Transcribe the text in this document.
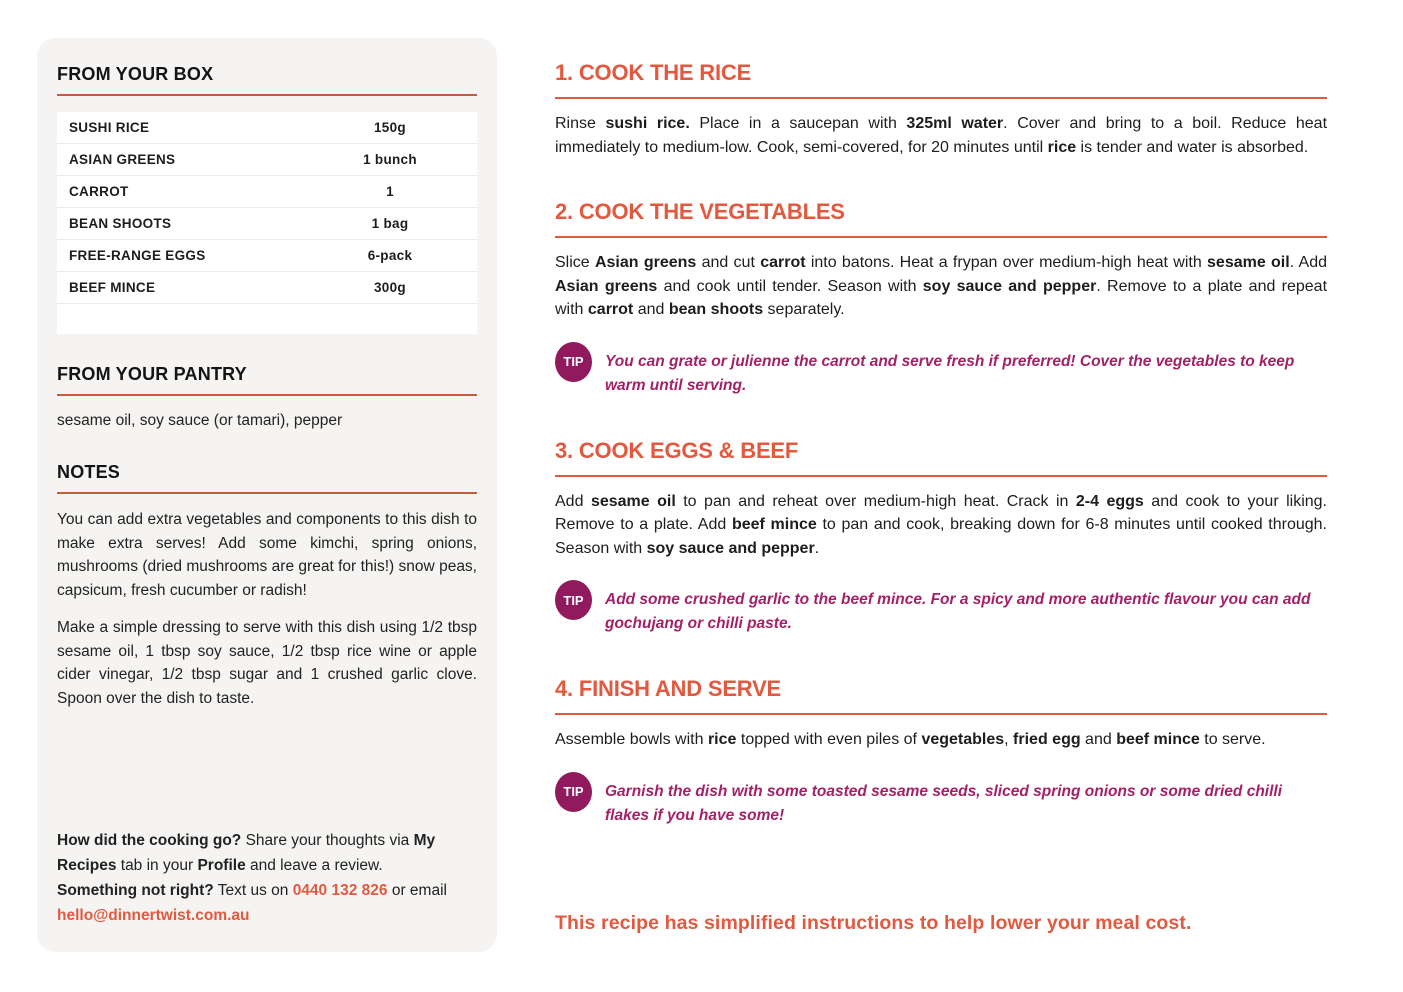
FROM YOUR BOX
SUSHI RICE	150g
ASIAN GREENS	1 bunch
CARROT	1
BEAN SHOOTS	1 bag
FREE-RANGE EGGS	6-pack
BEEF MINCE	300g
FROM YOUR PANTRY

sesame oil, soy sauce (or tamari), pepper

NOTES

You can add extra vegetables and components to this dish to make extra serves! Add some kimchi, spring onions, mushrooms (dried mushrooms are great for this!) snow peas, capsicum, fresh cucumber or radish!

Make a simple dressing to serve with this dish using 1/2 tbsp sesame oil, 1 tbsp soy sauce, 1/2 tbsp rice wine or apple cider vinegar, 1/2 tbsp sugar and 1 crushed garlic clove. Spoon over the dish to taste.

How did the cooking go? Share your thoughts via My Recipes tab in your Profile and leave a review.
Something not right? Text us on 0440 132 826 or email hello@dinnertwist.com.au

1. COOK THE RICE

Rinse sushi rice. Place in a saucepan with 325ml water. Cover and bring to a boil. Reduce heat immediately to medium-low. Cook, semi-covered, for 20 minutes until rice is tender and water is absorbed.

2. COOK THE VEGETABLES

Slice Asian greens and cut carrot into batons. Heat a frypan over medium-high heat with sesame oil. Add Asian greens and cook until tender. Season with soy sauce and pepper. Remove to a plate and repeat with carrot and bean shoots separately.

TIP	You can grate or julienne the carrot and serve fresh if preferred! Cover the vegetables to keep warm until serving.
3. COOK EGGS & BEEF

Add sesame oil to pan and reheat over medium-high heat. Crack in 2-4 eggs and cook to your liking. Remove to a plate. Add beef mince to pan and cook, breaking down for 6-8 minutes until cooked through. Season with soy sauce and pepper.

TIP	Add some crushed garlic to the beef mince. For a spicy and more authentic flavour you can add gochujang or chilli paste.
4. FINISH AND SERVE

Assemble bowls with rice topped with even piles of vegetables, fried egg and beef mince to serve.

TIP	Garnish the dish with some toasted sesame seeds, sliced spring onions or some dried chilli flakes if you have some!

This recipe has simplified instructions to help lower your meal cost.
